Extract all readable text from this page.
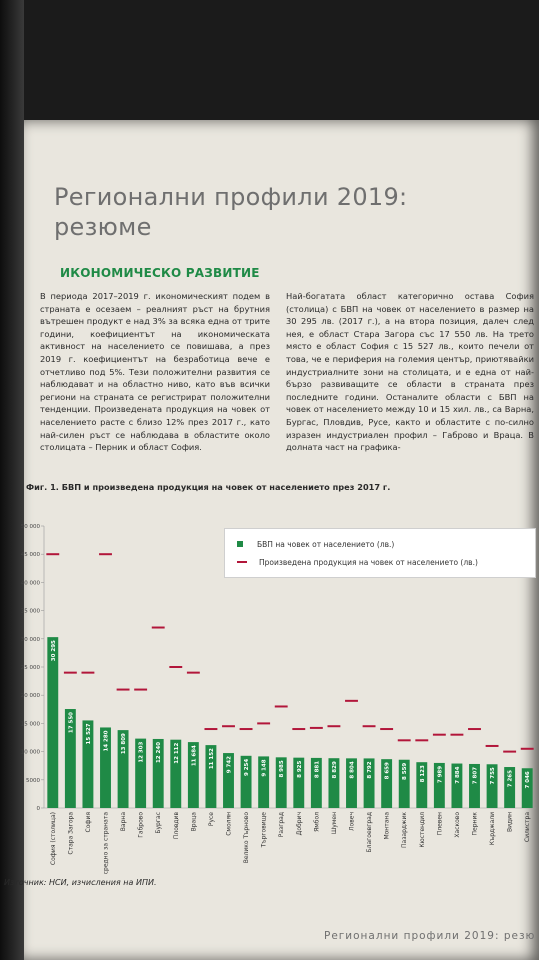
Регионални профили 2019:
резюме
ИКОНОМИЧЕСКО РАЗВИТИЕ
В периода 2017–2019 г. икономическият подем в страната е осезаем – реалният ръст на брутния вътрешен продукт е над 3% за всяка една от трите години, коефициентът на икономическата активност на населението се повишава, а през 2019 г. коефициентът на безработица вече е отчетливо под 5%. Тези положителни развития се наблюдават и на областно ниво, като във всички региони на страната се регистрират положителни тенденции. Произведената продукция на човек от населението расте с близо 12% през 2017 г., като най-силен ръст се наблюдава в областите около столицата – Перник и област София.
Най-богатата област категорично остава София (столица) с БВП на човек от населението в размер на 30 295 лв. (2017 г.), а на втора позиция, далеч след нея, е област Стара Загора със 17 550 лв. На трето място е област София с 15 527 лв., които печели от това, че е периферия на големия център, приютявайки индустриалните зони на столицата, и е една от най-бързо развиващите се области в страната през последните години. Останалите области с БВП на човек от населението между 10 и 15 хил. лв., са Варна, Бургас, Пловдив, Русе, както и областите с по-силно изразен индустриален профил – Габрово и Враца. В долната част на графика-
Фиг. 1. БВП и произведена продукция на човек от населението през 2017 г.
0
5000
10 000
15 000
20 000
25 000
30 000
35 000
40 000
45 000
50 000
30 295
София (столица)
17 550
Стара Загора
15 527
София
14 280
средно за страната
13 809
Варна
12 303
Габрово
12 240
Бургас
12 112
Пловдив
11 684
Враца
11 152
Русе
9 742
Смолян
9 254
Велико Търново
9 148
Търговище
8 985
Разград
8 925
Добрич
8 881
Ямбол
8 829
Шумен
8 804
Ловеч
8 792
Благоевград
8 659
Монтана
8 559
Пазарджик
8 123
Кюстендил
7 989
Плевен
7 884
Хасково
7 807
Перник
7 755
Кърджали
7 265
Видин
7 046
Силистра
БВП на човек от населението (лв.)
Произведена продукция на човек от населението (лв.)
Източник: НСИ, изчисления на ИПИ.
Регионални профили 2019: резю
